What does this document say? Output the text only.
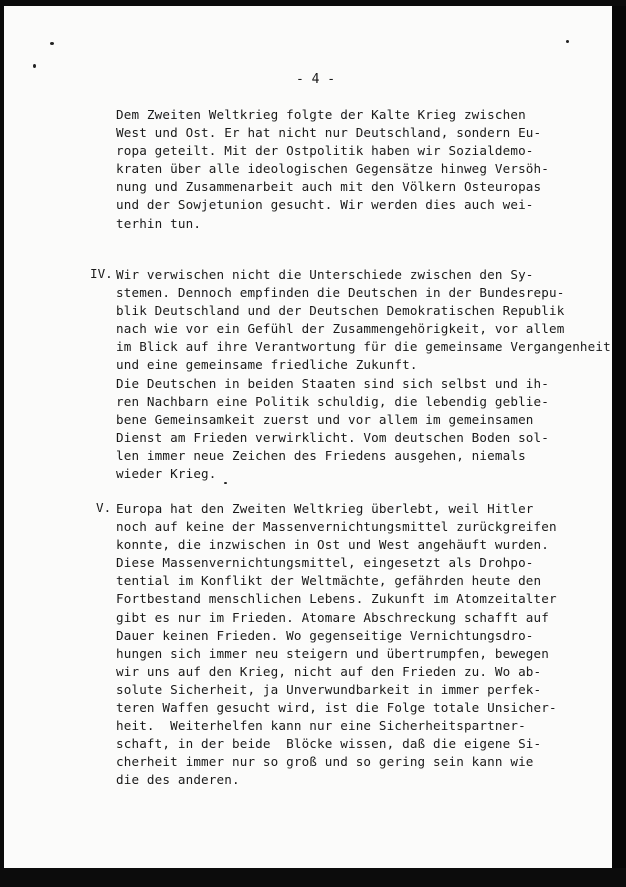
- 4 -
Dem Zweiten Weltkrieg folgte der Kalte Krieg zwischen
West und Ost. Er hat nicht nur Deutschland, sondern Eu-
ropa geteilt. Mit der Ostpolitik haben wir Sozialdemo-
kraten über alle ideologischen Gegensätze hinweg Versöh-
nung und Zusammenarbeit auch mit den Völkern Osteuropas
und der Sowjetunion gesucht. Wir werden dies auch wei-
terhin tun.
IV. Wir verwischen nicht die Unterschiede zwischen den Sy-
stemen. Dennoch empfinden die Deutschen in der Bundesrepu-
blik Deutschland und der Deutschen Demokratischen Republik
nach wie vor ein Gefühl der Zusammengehörigkeit, vor allem
im Blick auf ihre Verantwortung für die gemeinsame Vergangenheit
und eine gemeinsame friedliche Zukunft.
Die Deutschen in beiden Staaten sind sich selbst und ih-
ren Nachbarn eine Politik schuldig, die lebendig geblie-
bene Gemeinsamkeit zuerst und vor allem im gemeinsamen
Dienst am Frieden verwirklicht. Vom deutschen Boden sol-
len immer neue Zeichen des Friedens ausgehen, niemals
wieder Krieg.
V. Europa hat den Zweiten Weltkrieg überlebt, weil Hitler
noch auf keine der Massenvernichtungsmittel zurückgreifen
konnte, die inzwischen in Ost und West angehäuft wurden.
Diese Massenvernichtungsmittel, eingesetzt als Drohpo-
tential im Konflikt der Weltmächte, gefährden heute den
Fortbestand menschlichen Lebens. Zukunft im Atomzeitalter
gibt es nur im Frieden. Atomare Abschreckung schafft auf
Dauer keinen Frieden. Wo gegenseitige Vernichtungsdro-
hungen sich immer neu steigern und übertrumpfen, bewegen
wir uns auf den Krieg, nicht auf den Frieden zu. Wo ab-
solute Sicherheit, ja Unverwundbarkeit in immer perfek-
teren Waffen gesucht wird, ist die Folge totale Unsicher-
heit.  Weiterhelfen kann nur eine Sicherheitspartner-
schaft, in der beide  Blöcke wissen, daß die eigene Si-
cherheit immer nur so groß und so gering sein kann wie
die des anderen.
